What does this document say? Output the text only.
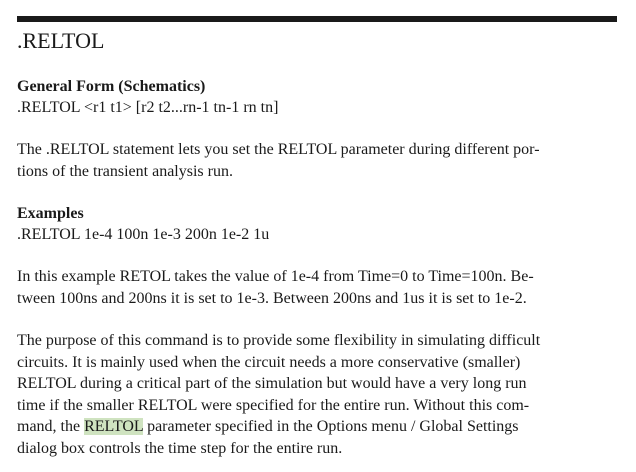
.RELTOL

General Form (Schematics)

.RELTOL <r1 t1> [r2 t2...rn-1 tn-1 rn tn]

The .RELTOL statement lets you set the RELTOL parameter during different por-
tions of the transient analysis run.

Examples

.RELTOL 1e-4 100n 1e-3 200n 1e-2 1u

In this example RETOL takes the value of 1e-4 from Time=0 to Time=100n. Be-
tween 100ns and 200ns it is set to 1e-3. Between 200ns and 1us it is set to 1e-2.

The purpose of this command is to provide some flexibility in simulating difficult
circuits. It is mainly used when the circuit needs a more conservative (smaller)
RELTOL during a critical part of the simulation but would have a very long run
time if the smaller RELTOL were specified for the entire run. Without this com-
mand, the RELTOL parameter specified in the Options menu / Global Settings
dialog box controls the time step for the entire run.
